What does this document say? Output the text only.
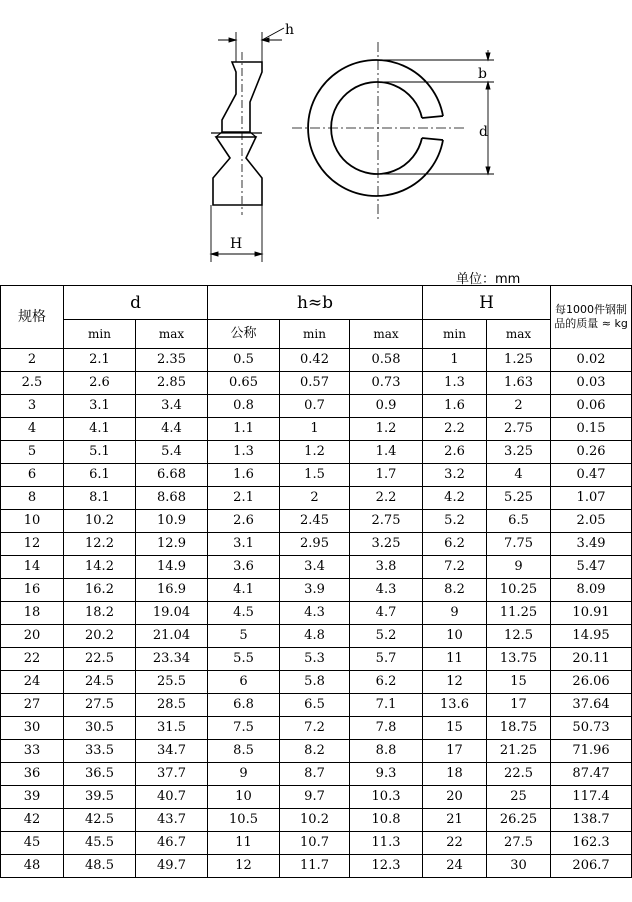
h
H
b
d
单位：mm
规格	d		h≈b			H		每1000件钢制品的质量 ≈ kg
	min	max	公称	min	max	min	max	
2	2.1	2.35	0.5	0.42	0.58	1	1.25	0.02
2.5	2.6	2.85	0.65	0.57	0.73	1.3	1.63	0.03
3	3.1	3.4	0.8	0.7	0.9	1.6	2	0.06
4	4.1	4.4	1.1	1	1.2	2.2	2.75	0.15
5	5.1	5.4	1.3	1.2	1.4	2.6	3.25	0.26
6	6.1	6.68	1.6	1.5	1.7	3.2	4	0.47
8	8.1	8.68	2.1	2	2.2	4.2	5.25	1.07
10	10.2	10.9	2.6	2.45	2.75	5.2	6.5	2.05
12	12.2	12.9	3.1	2.95	3.25	6.2	7.75	3.49
14	14.2	14.9	3.6	3.4	3.8	7.2	9	5.47
16	16.2	16.9	4.1	3.9	4.3	8.2	10.25	8.09
18	18.2	19.04	4.5	4.3	4.7	9	11.25	10.91
20	20.2	21.04	5	4.8	5.2	10	12.5	14.95
22	22.5	23.34	5.5	5.3	5.7	11	13.75	20.11
24	24.5	25.5	6	5.8	6.2	12	15	26.06
27	27.5	28.5	6.8	6.5	7.1	13.6	17	37.64
30	30.5	31.5	7.5	7.2	7.8	15	18.75	50.73
33	33.5	34.7	8.5	8.2	8.8	17	21.25	71.96
36	36.5	37.7	9	8.7	9.3	18	22.5	87.47
39	39.5	40.7	10	9.7	10.3	20	25	117.4
42	42.5	43.7	10.5	10.2	10.8	21	26.25	138.7
45	45.5	46.7	11	10.7	11.3	22	27.5	162.3
48	48.5	49.7	12	11.7	12.3	24	30	206.7
